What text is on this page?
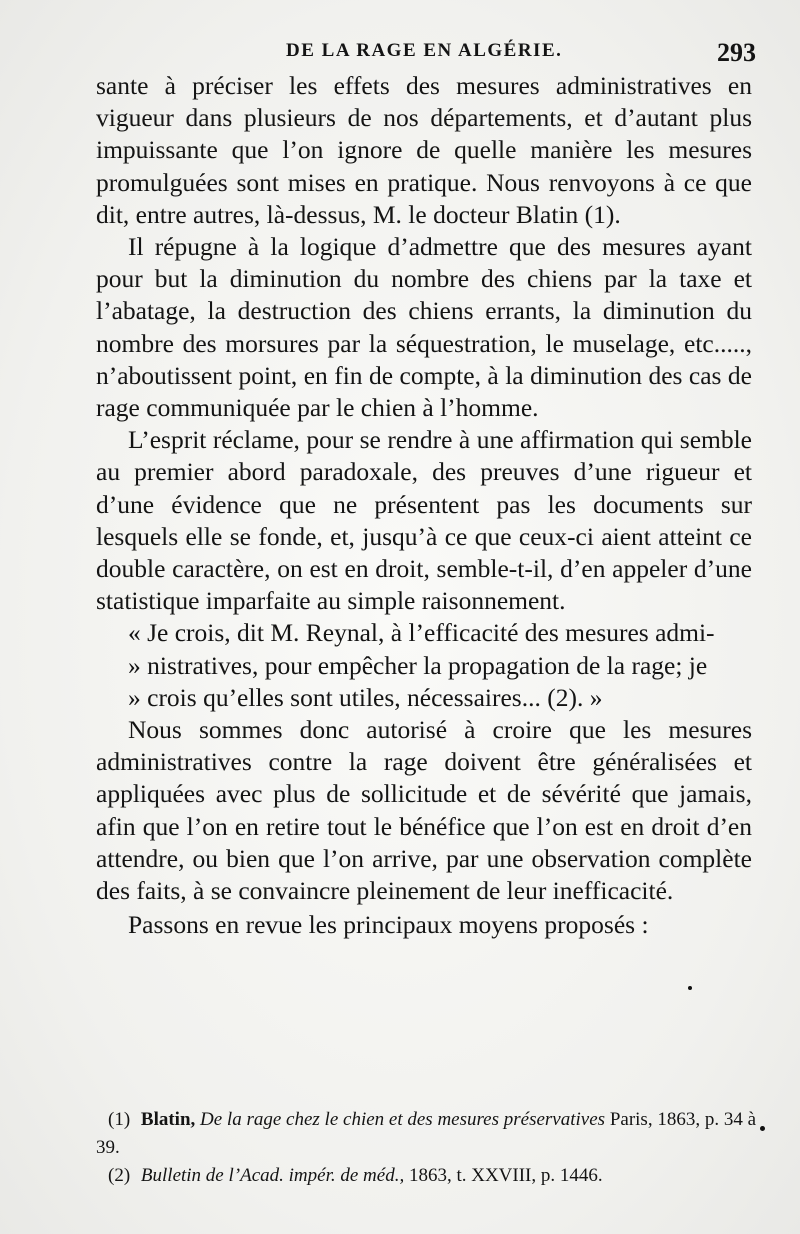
DE LA RAGE EN ALGÉRIE.	293

sante à préciser les effets des mesures administratives en vigueur dans plusieurs de nos départements, et d’autant plus impuissante que l’on ignore de quelle manière les mesures promulguées sont mises en pratique. Nous renvoyons à ce que dit, entre autres, là-dessus, M. le docteur Blatin (1).

Il répugne à la logique d’admettre que des mesures ayant pour but la diminution du nombre des chiens par la taxe et l’abatage, la destruction des chiens errants, la diminution du nombre des morsures par la séquestration, le muselage, etc....., n’aboutissent point, en fin de compte, à la diminution des cas de rage communiquée par le chien à l’homme.

L’esprit réclame, pour se rendre à une affirmation qui semble au premier abord paradoxale, des preuves d’une rigueur et d’une évidence que ne présentent pas les documents sur lesquels elle se fonde, et, jusqu’à ce que ceux-ci aient atteint ce double caractère, on est en droit, semble-t-il, d’en appeler d’une statistique imparfaite au simple raisonnement.

« Je crois, dit M. Reynal, à l’efficacité des mesures admi-

» nistratives, pour empêcher la propagation de la rage; je

» crois qu’elles sont utiles, nécessaires... (2). »

Nous sommes donc autorisé à croire que les mesures administratives contre la rage doivent être généralisées et appliquées avec plus de sollicitude et de sévérité que jamais, afin que l’on en retire tout le bénéfice que l’on est en droit d’en attendre, ou bien que l’on arrive, par une observation complète des faits, à se convaincre pleinement de leur inefficacité.

Passons en revue les principaux moyens proposés :

(1) Blatin, De la rage chez le chien et des mesures préservatives Paris, 1863, p. 34 à 39.

(2) Bulletin de l’Acad. impér. de méd., 1863, t. XXVIII, p. 1446.
